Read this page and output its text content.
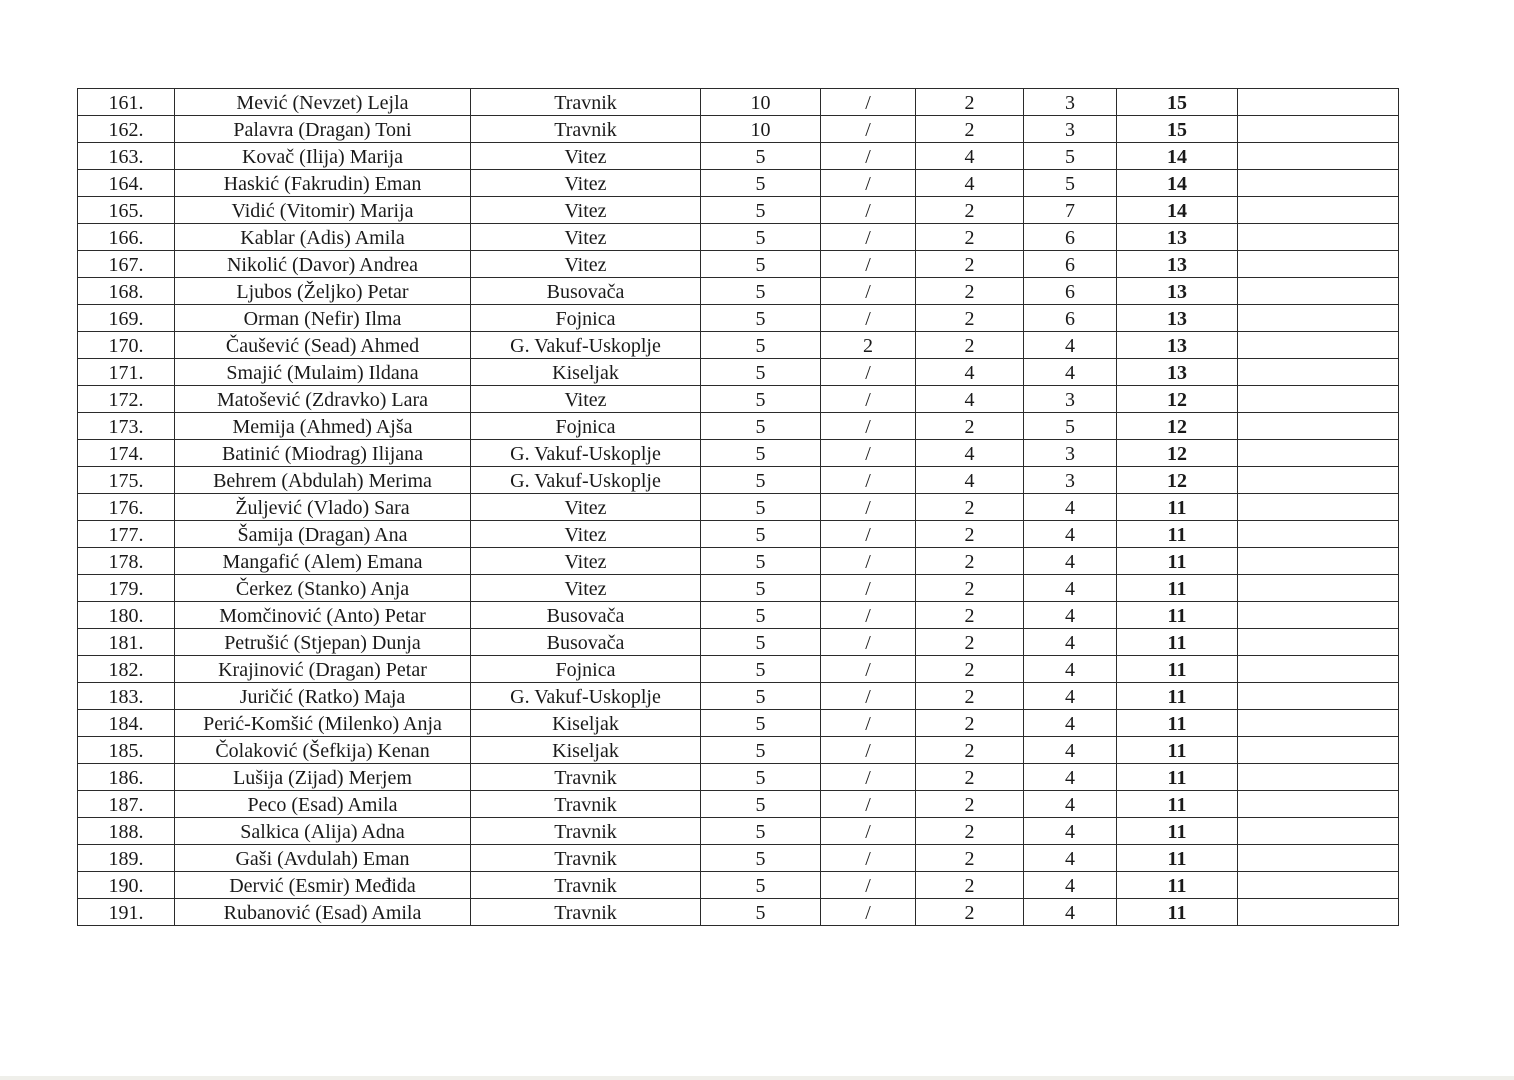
161.	Mević (Nevzet) Lejla	Travnik	10	/	2	3	15	
162.	Palavra (Dragan) Toni	Travnik	10	/	2	3	15	
163.	Kovač (Ilija) Marija	Vitez	5	/	4	5	14	
164.	Haskić (Fakrudin) Eman	Vitez	5	/	4	5	14	
165.	Vidić (Vitomir) Marija	Vitez	5	/	2	7	14	
166.	Kablar (Adis) Amila	Vitez	5	/	2	6	13	
167.	Nikolić (Davor) Andrea	Vitez	5	/	2	6	13	
168.	Ljubos (Željko) Petar	Busovača	5	/	2	6	13	
169.	Orman (Nefir) Ilma	Fojnica	5	/	2	6	13	
170.	Čaušević (Sead) Ahmed	G. Vakuf-Uskoplje	5	2	2	4	13	
171.	Smajić (Mulaim) Ildana	Kiseljak	5	/	4	4	13	
172.	Matošević (Zdravko) Lara	Vitez	5	/	4	3	12	
173.	Memija (Ahmed) Ajša	Fojnica	5	/	2	5	12	
174.	Batinić (Miodrag) Ilijana	G. Vakuf-Uskoplje	5	/	4	3	12	
175.	Behrem (Abdulah) Merima	G. Vakuf-Uskoplje	5	/	4	3	12	
176.	Žuljević (Vlado) Sara	Vitez	5	/	2	4	11	
177.	Šamija (Dragan) Ana	Vitez	5	/	2	4	11	
178.	Mangafić (Alem) Emana	Vitez	5	/	2	4	11	
179.	Čerkez (Stanko) Anja	Vitez	5	/	2	4	11	
180.	Momčinović (Anto) Petar	Busovača	5	/	2	4	11	
181.	Petrušić (Stjepan) Dunja	Busovača	5	/	2	4	11	
182.	Krajinović (Dragan) Petar	Fojnica	5	/	2	4	11	
183.	Juričić (Ratko) Maja	G. Vakuf-Uskoplje	5	/	2	4	11	
184.	Perić-Komšić (Milenko) Anja	Kiseljak	5	/	2	4	11	
185.	Čolaković (Šefkija) Kenan	Kiseljak	5	/	2	4	11	
186.	Lušija (Zijad) Merjem	Travnik	5	/	2	4	11	
187.	Peco (Esad) Amila	Travnik	5	/	2	4	11	
188.	Salkica (Alija) Adna	Travnik	5	/	2	4	11	
189.	Gaši (Avdulah) Eman	Travnik	5	/	2	4	11	
190.	Dervić (Esmir) Međida	Travnik	5	/	2	4	11	
191.	Rubanović (Esad) Amila	Travnik	5	/	2	4	11	
